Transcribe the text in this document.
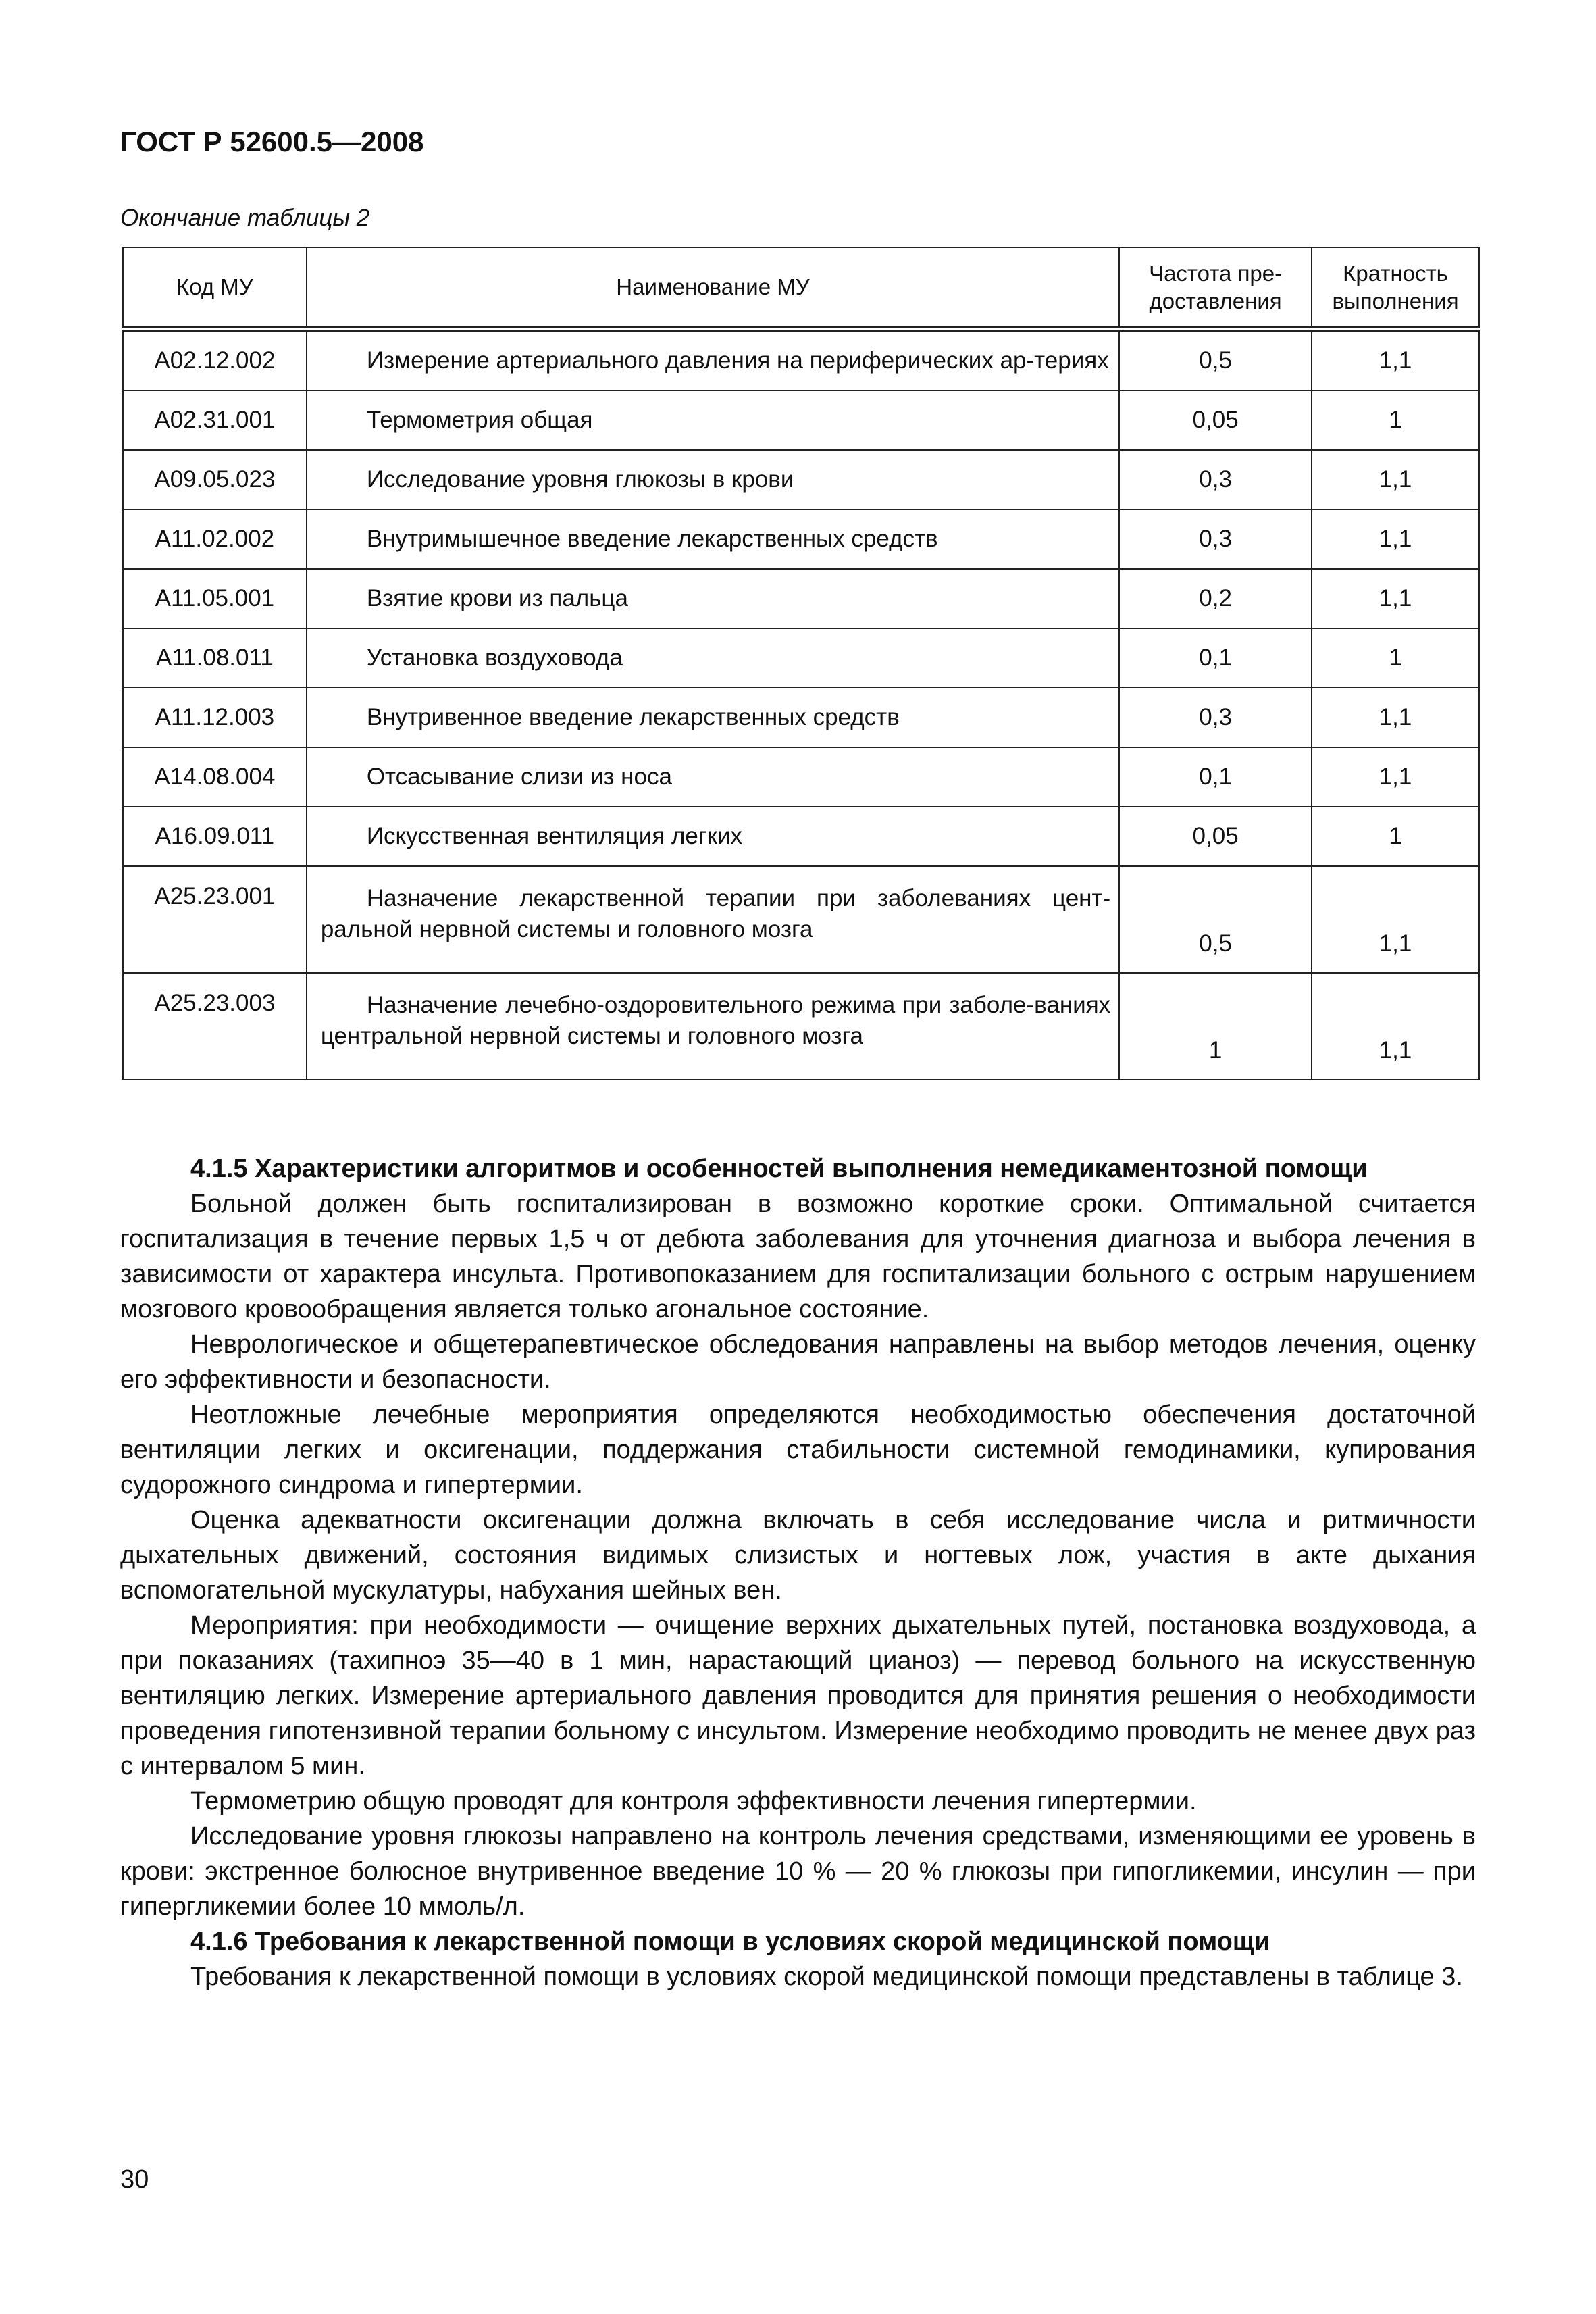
ГОСТ Р 52600.5—2008
Окончание таблицы 2
Код МУ	Наименование МУ	Частота пре-доставления	Кратность выполнения
А02.12.002	Измерение артериального давления на периферических ар-териях	0,5	1,1
А02.31.001	Термометрия общая	0,05	1
А09.05.023	Исследование уровня глюкозы в крови	0,3	1,1
А11.02.002	Внутримышечное введение лекарственных средств	0,3	1,1
А11.05.001	Взятие крови из пальца	0,2	1,1
А11.08.011	Установка воздуховода	0,1	1
А11.12.003	Внутривенное введение лекарственных средств	0,3	1,1
А14.08.004	Отсасывание слизи из носа	0,1	1,1
А16.09.011	Искусственная вентиляция легких	0,05	1
А25.23.001	Назначение лекарственной терапии при заболеваниях цент-ральной нервной системы и головного мозга	0,5	1,1
А25.23.003	Назначение лечебно-оздоровительного режима при заболе-ваниях центральной нервной системы и головного мозга	1	1,1

4.1.5 Характеристики алгоритмов и особенностей выполнения немедикаментозной помощи

Больной должен быть госпитализирован в возможно короткие сроки. Оптимальной считается госпитализация в течение первых 1,5 ч от дебюта заболевания для уточнения диагноза и выбора лечения в зависимости от характера инсульта. Противопоказанием для госпитализации больного с острым нарушением мозгового кровообращения является только агональное состояние.

Неврологическое и общетерапевтическое обследования направлены на выбор методов лечения, оценку его эффективности и безопасности.

Неотложные лечебные мероприятия определяются необходимостью обеспечения достаточной вентиляции легких и оксигенации, поддержания стабильности системной гемодинамики, купирования судорожного синдрома и гипертермии.

Оценка адекватности оксигенации должна включать в себя исследование числа и ритмичности дыхательных движений, состояния видимых слизистых и ногтевых лож, участия в акте дыхания вспомогательной мускулатуры, набухания шейных вен.

Мероприятия: при необходимости — очищение верхних дыхательных путей, постановка воздуховода, а при показаниях (тахипноэ 35—40 в 1 мин, нарастающий цианоз) — перевод больного на искусственную вентиляцию легких. Измерение артериального давления проводится для принятия решения о необходимости проведения гипотензивной терапии больному с инсультом. Измерение необходимо проводить не менее двух раз с интервалом 5 мин.

Термометрию общую проводят для контроля эффективности лечения гипертермии.

Исследование уровня глюкозы направлено на контроль лечения средствами, изменяющими ее уровень в крови: экстренное болюсное внутривенное введение 10 % — 20 % глюкозы при гипогликемии, инсулин — при гипергликемии более 10 ммоль/л.

4.1.6 Требования к лекарственной помощи в условиях скорой медицинской помощи

Требования к лекарственной помощи в условиях скорой медицинской помощи представлены в таблице 3.

30
